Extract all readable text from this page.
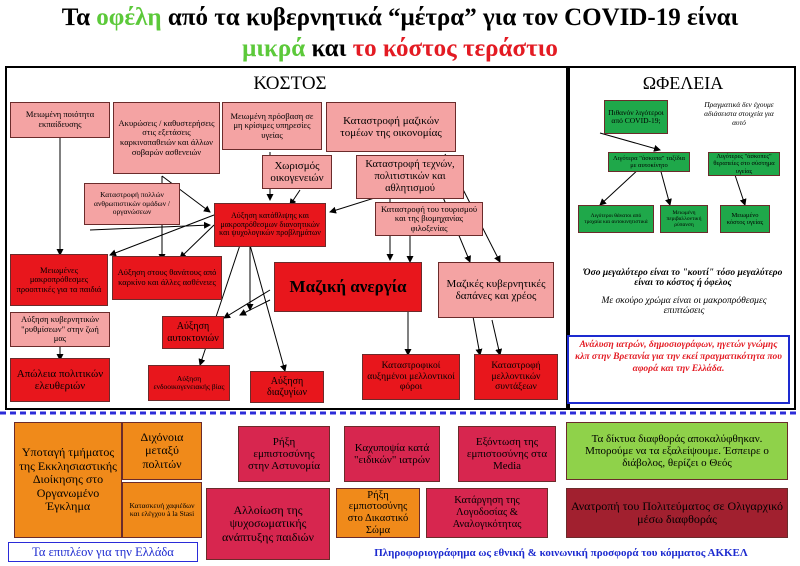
Τα οφέλη από τα κυβερνητικά “μέτρα” για τον COVID-19 είναι
μικρά και το κόστος τεράστιο
ΚΟΣΤΟΣ	ΩΦΕΛΕΙΑ
Μειωμένη ποιότητα εκπαίδευσης	Ακυρώσεις / καθυστερήσεις στις εξετάσεις καρκινοπαθειών και άλλων σοβαρών ασθενειών
Μειωμένη πρόσβαση σε μη κρίσιμες υπηρεσίες υγείας
Καταστροφή μαζικών τομέων της οικονομίας
Χωρισμός οικογενειών
Καταστροφή τεχνών, πολιτιστικών και αθλητισμού
Καταστροφή πολλών ανθρωπιστικών ομάδων / οργανώσεων	Καταστροφή του τουρισμού και της βιομηχανίας φιλοξενίας
Αύξηση κατάθλιψης και μακροπρόθεσμων διανοητικών και ψυχολογικών προβλημάτων
Μειωμένες μακροπρόθεσμες προοπτικές για τα παιδιά
Αύξηση στους θανάτους από καρκίνο και άλλες ασθένειες	Μαζική ανεργία	Μαζικές κυβερνητικές δαπάνες και χρέος
Αύξηση κυβερνητικών "ρυθμίσεων" στην ζωή μας
Αύξηση αυτοκτονιών
Απώλεια πολιτικών ελευθεριών
Αύξηση ενδοοικογενειακής βίας	Αύξηση διαζυγίων
Καταστροφικοί αυξημένοι μελλοντικοί φόροι
Καταστροφή μελλοντικών συντάξεων
Πιθανόν λιγότεροι από COVID-19;
Πραγματικά δεν έχουμε αδιάσειστα στοιχεία για αυτό
Λιγότερα "άσκοπα" ταξίδια με αυτοκίνητο
Λιγότερες "άσκοπες" θεραπείες στο σύστημα υγείας
Λιγότεροι θάνατοι από τροχαία και αυτοκινητιστικά
Μειωμένη περιβαλλοντική ρύπανση
Μειωμένο κόστος υγείας
Όσο μεγαλύτερο είναι το "κουτί" τόσο μεγαλύτερο είναι το κόστος ή όφελος
Με σκούρο χρώμα είναι οι μακροπρόθεσμες επιπτώσεις
Ανάλυση ιατρών, δημοσιογράφων, ηγετών γνώμης κλπ στην Βρετανία για την εκεί πραγματικότητα που αφορά και την Ελλάδα.
Υποταγή τμήματος της Εκκλησιαστικής Διοίκησης στο Οργανωμένο Έγκλημα
Διχόνοια μεταξύ πολιτών
Κατασκευή χαφιέδων και ελέγχου à la Stasi
Ρήξη εμπιστοσύνης στην Αστυνομία
Καχυποψία κατά "ειδικών" ιατρών
Εξόντωση της εμπιστοσύνης στα Media
Τα δίκτυα διαφθοράς αποκαλύφθηκαν. Μπορούμε να τα εξαλείψουμε. Έσπειρε ο διάβολος, θερίζει ο Θεός
Αλλοίωση της ψυχοσωματικής ανάπτυξης παιδιών
Ρήξη εμπιστοσύνης στο Δικαστικό Σώμα
Κατάργηση της Λογοδοσίας & Αναλογικότητας
Ανατροπή του Πολιτεύματος σε Ολιγαρχικό μέσω διαφθοράς
Τα επιπλέον για την Ελλάδα	Πληροφοριογράφημα ως εθνική & κοινωνική προσφορά του κόμματος ΑΚΚΕΛ
